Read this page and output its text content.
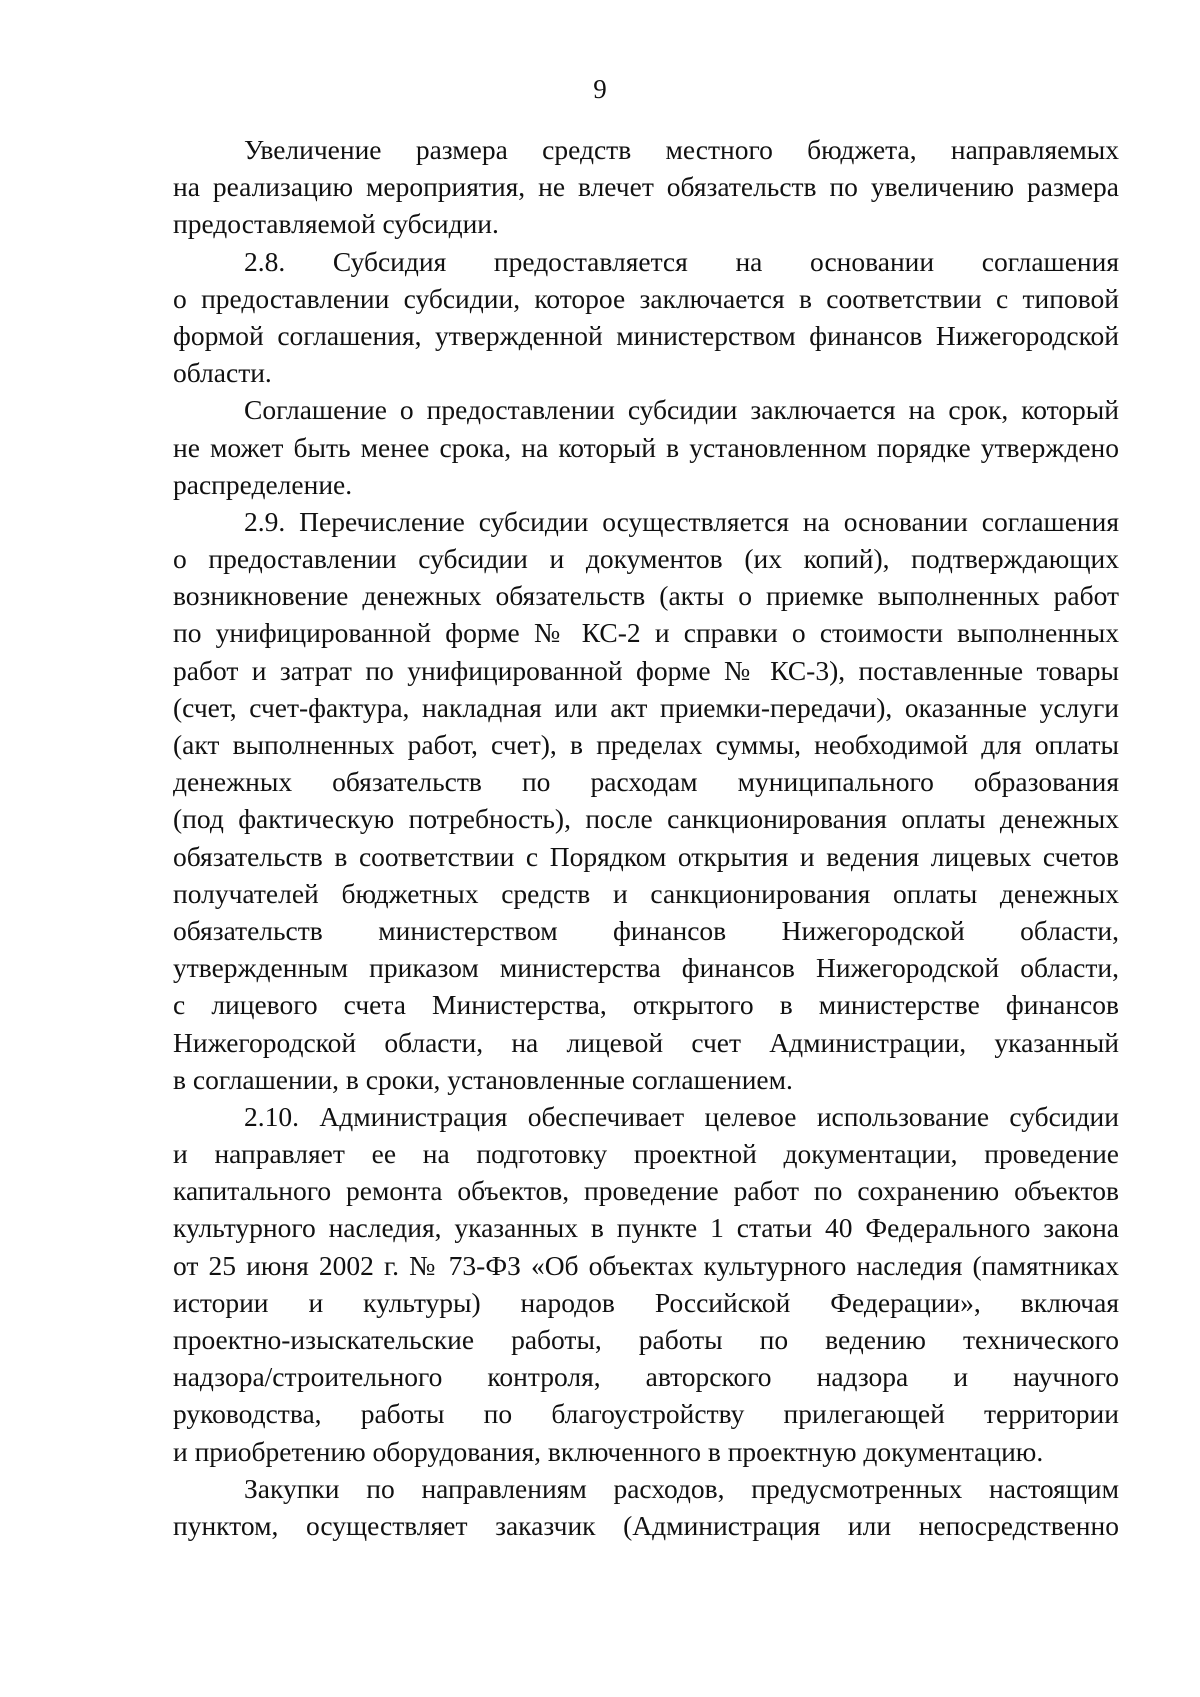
9
Увеличение размера средств местного бюджета, направляемых
на реализацию мероприятия, не влечет обязательств по увеличению размера
предоставляемой субсидии.
2.8. Субсидия предоставляется на основании соглашения
о предоставлении субсидии, которое заключается в соответствии с типовой
формой соглашения, утвержденной министерством финансов Нижегородской
области.
Соглашение о предоставлении субсидии заключается на срок, который
не может быть менее срока, на который в установленном порядке утверждено
распределение.
2.9. Перечисление субсидии осуществляется на основании соглашения
о предоставлении субсидии и документов (их копий), подтверждающих
возникновение денежных обязательств (акты о приемке выполненных работ
по унифицированной форме № КС-2 и справки о стоимости выполненных
работ и затрат по унифицированной форме № КС-3), поставленные товары
(счет, счет-фактура, накладная или акт приемки-передачи), оказанные услуги
(акт выполненных работ, счет), в пределах суммы, необходимой для оплаты
денежных обязательств по расходам муниципального образования
(под фактическую потребность), после санкционирования оплаты денежных
обязательств в соответствии с Порядком открытия и ведения лицевых счетов
получателей бюджетных средств и санкционирования оплаты денежных
обязательств министерством финансов Нижегородской области,
утвержденным приказом министерства финансов Нижегородской области,
с лицевого счета Министерства, открытого в министерстве финансов
Нижегородской области, на лицевой счет Администрации, указанный
в соглашении, в сроки, установленные соглашением.
2.10. Администрация обеспечивает целевое использование субсидии
и направляет ее на подготовку проектной документации, проведение
капитального ремонта объектов, проведение работ по сохранению объектов
культурного наследия, указанных в пункте 1 статьи 40 Федерального закона
от 25 июня 2002 г. № 73-ФЗ «Об объектах культурного наследия (памятниках
истории и культуры) народов Российской Федерации», включая
проектно-изыскательские работы, работы по ведению технического
надзора/строительного контроля, авторского надзора и научного
руководства, работы по благоустройству прилегающей территории
и приобретению оборудования, включенного в проектную документацию.
Закупки по направлениям расходов, предусмотренных настоящим
пунктом, осуществляет заказчик (Администрация или непосредственно
